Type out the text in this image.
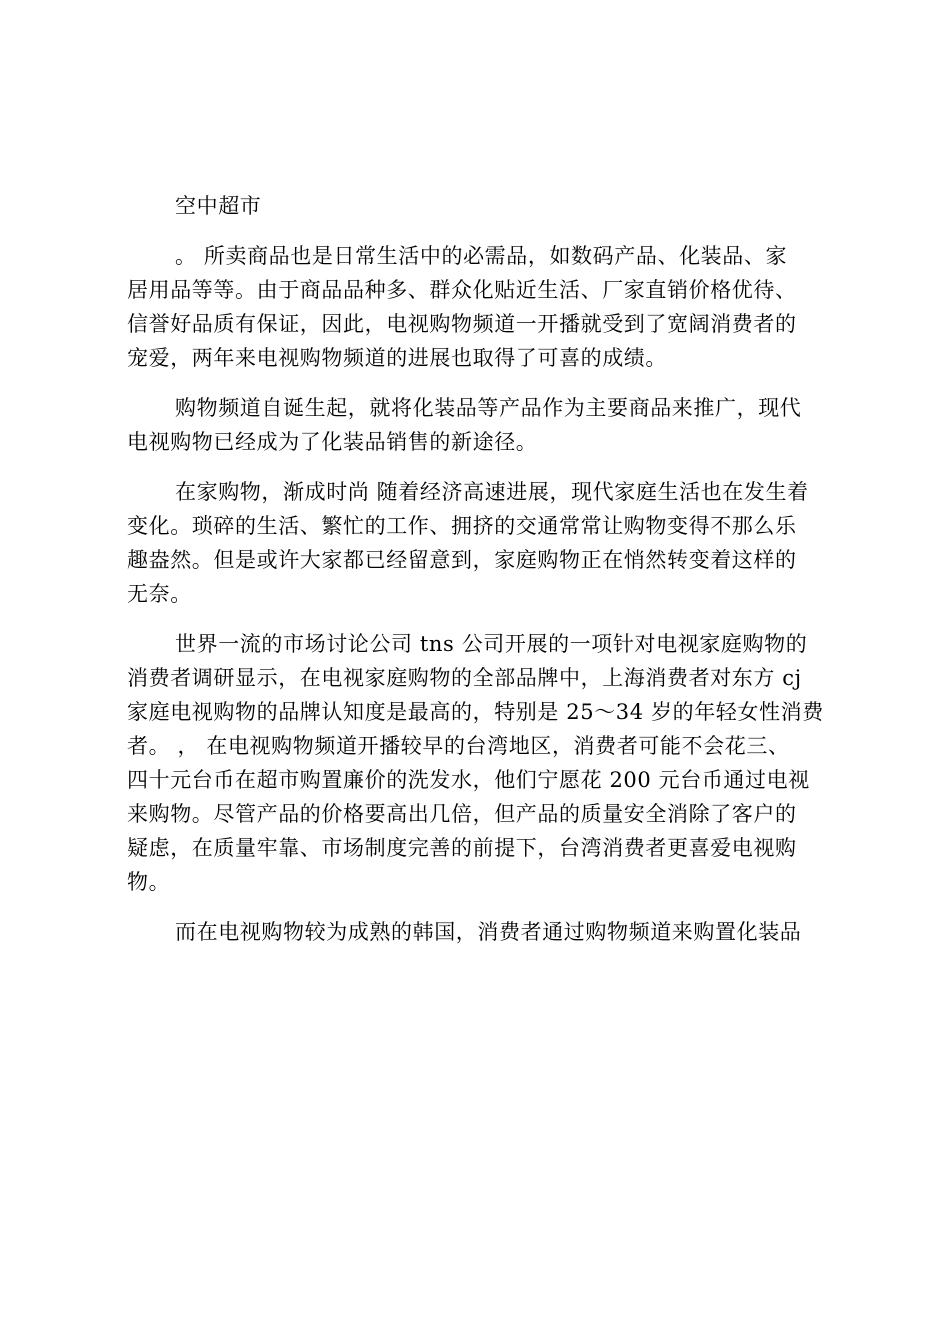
空中超市
。 所卖商品也是日常生活中的必需品，如数码产品、化装品、家
居用品等等。由于商品品种多、群众化贴近生活、厂家直销价格优待、
信誉好品质有保证，因此，电视购物频道一开播就受到了宽阔消费者的
宠爱，两年来电视购物频道的进展也取得了可喜的成绩。
购物频道自诞生起，就将化装品等产品作为主要商品来推广，现代
电视购物已经成为了化装品销售的新途径。
在家购物，渐成时尚 随着经济高速进展，现代家庭生活也在发生着
变化。琐碎的生活、繁忙的工作、拥挤的交通常常让购物变得不那么乐
趣盎然。但是或许大家都已经留意到，家庭购物正在悄然转变着这样的
无奈。
世界一流的市场讨论公司 tns 公司开展的一项针对电视家庭购物的
消费者调研显示，在电视家庭购物的全部品牌中，上海消费者对东方 cj
家庭电视购物的品牌认知度是最高的，特别是 25～34 岁的年轻女性消费
者。 ， 在电视购物频道开播较早的台湾地区，消费者可能不会花三、
四十元台币在超市购置廉价的洗发水，他们宁愿花 200 元台币通过电视
来购物。尽管产品的价格要高出几倍，但产品的质量安全消除了客户的
疑虑，在质量牢靠、市场制度完善的前提下，台湾消费者更喜爱电视购
物。
而在电视购物较为成熟的韩国，消费者通过购物频道来购置化装品
